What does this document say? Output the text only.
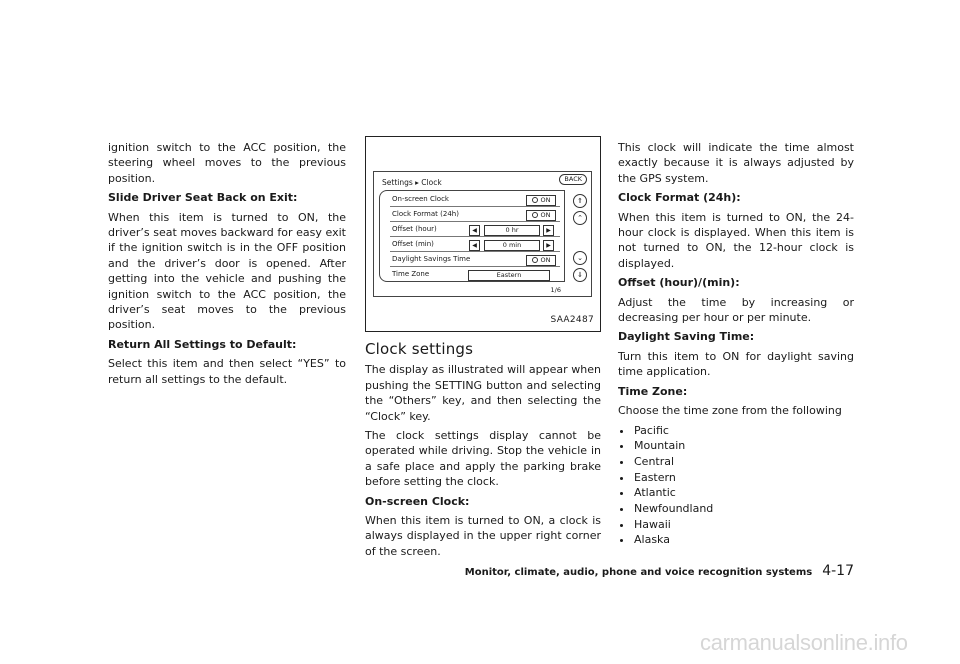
ignition switch to the ACC position, the steering wheel moves to the previous position.

Slide Driver Seat Back on Exit:

When this item is turned to ON, the driver’s seat moves backward for easy exit if the ignition switch is in the OFF position and the driver’s door is opened. After getting into the vehicle and pushing the ignition switch to the ACC position, the driver’s seat moves to the previous position.

Return All Settings to Default:

Select this item and then select “YES” to return all settings to the default.

Settings ▸ Clock	BACK
On-screen Clock	ON
Clock Format (24h)	ON
Offset (hour)	◀	0 hr	▶
Offset (min)	◀	0 min	▶
Daylight Savings Time	ON
Time Zone	Eastern
1/6
⇑
⌃
⌄
⇓
SAA2487
Clock settings

The display as illustrated will appear when pushing the SETTING button and selecting the “Others” key, and then selecting the “Clock” key.

The clock settings display cannot be operated while driving. Stop the vehicle in a safe place and apply the parking brake before setting the clock.

On-screen Clock:

When this item is turned to ON, a clock is always displayed in the upper right corner of the screen.

This clock will indicate the time almost exactly because it is always adjusted by the GPS system.

Clock Format (24h):

When this item is turned to ON, the 24-hour clock is displayed. When this item is not turned to ON, the 12-hour clock is displayed.

Offset (hour)/(min):

Adjust the time by increasing or decreasing per hour or per minute.

Daylight Saving Time:

Turn this item to ON for daylight saving time application.

Time Zone:

Choose the time zone from the following

Pacific
Mountain
Central
Eastern
Atlantic
Newfoundland
Hawaii
Alaska
Monitor, climate, audio, phone and voice recognition systems 4-17
carmanualsonline.info
